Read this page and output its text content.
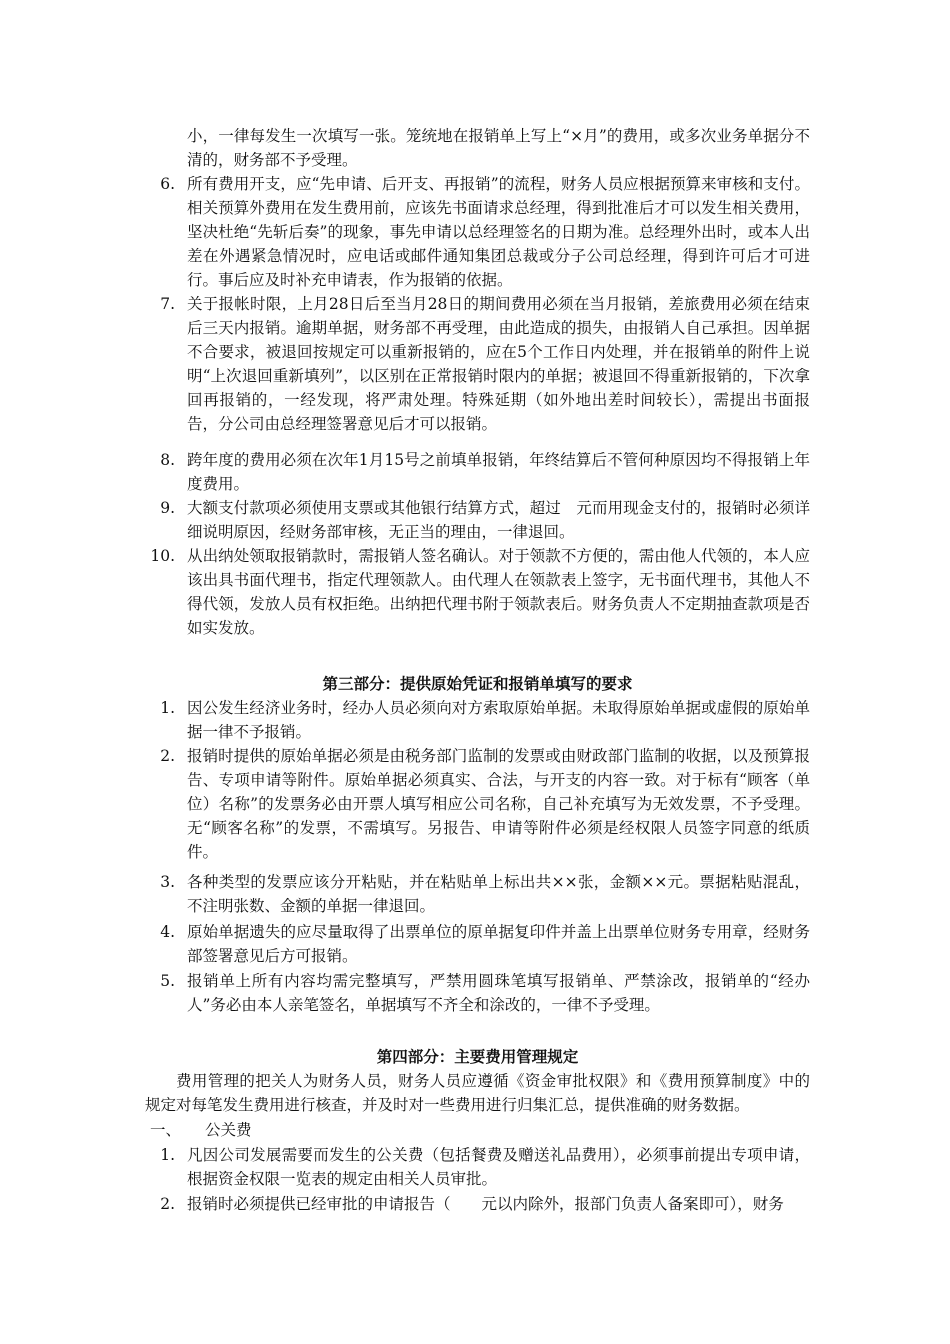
小，一律每发生一次填写一张。笼统地在报销单上写上“×月”的费用，或多次业务单据分不清的，财务部不予受理。
6. 所有费用开支，应“先申请、后开支、再报销”的流程，财务人员应根据预算来审核和支付。相关预算外费用在发生费用前，应该先书面请求总经理，得到批准后才可以发生相关费用，坚决杜绝“先斩后奏”的现象，事先申请以总经理签名的日期为准。总经理外出时，或本人出差在外遇紧急情况时，应电话或邮件通知集团总裁或分子公司总经理，得到许可后才可进行。事后应及时补充申请表，作为报销的依据。
7. 关于报帐时限，上月28日后至当月28日的期间费用必须在当月报销，差旅费用必须在结束后三天内报销。逾期单据，财务部不再受理，由此造成的损失，由报销人自己承担。因单据不合要求，被退回按规定可以重新报销的，应在5个工作日内处理，并在报销单的附件上说明“上次退回重新填列”，以区别在正常报销时限内的单据；被退回不得重新报销的，下次拿回再报销的，一经发现，将严肃处理。特殊延期（如外地出差时间较长），需提出书面报告，分公司由总经理签署意见后才可以报销。
8. 跨年度的费用必须在次年1月15号之前填单报销，年终结算后不管何种原因均不得报销上年度费用。
9. 大额支付款项必须使用支票或其他银行结算方式，超过　元而用现金支付的，报销时必须详细说明原因，经财务部审核，无正当的理由，一律退回。
10. 从出纳处领取报销款时，需报销人签名确认。对于领款不方便的，需由他人代领的，本人应该出具书面代理书，指定代理领款人。由代理人在领款表上签字，无书面代理书，其他人不得代领，发放人员有权拒绝。出纳把代理书附于领款表后。财务负责人不定期抽查款项是否如实发放。
第三部分：提供原始凭证和报销单填写的要求
1. 因公发生经济业务时，经办人员必须向对方索取原始单据。未取得原始单据或虚假的原始单据一律不予报销。
2. 报销时提供的原始单据必须是由税务部门监制的发票或由财政部门监制的收据，以及预算报告、专项申请等附件。原始单据必须真实、合法，与开支的内容一致。对于标有“顾客（单位）名称”的发票务必由开票人填写相应公司名称，自己补充填写为无效发票，不予受理。无“顾客名称”的发票，不需填写。另报告、申请等附件必须是经权限人员签字同意的纸质件。
3. 各种类型的发票应该分开粘贴，并在粘贴单上标出共××张，金额××元。票据粘贴混乱，不注明张数、金额的单据一律退回。
4. 原始单据遗失的应尽量取得了出票单位的原单据复印件并盖上出票单位财务专用章，经财务部签署意见后方可报销。
5. 报销单上所有内容均需完整填写，严禁用圆珠笔填写报销单、严禁涂改，报销单的“经办人”务必由本人亲笔签名，单据填写不齐全和涂改的，一律不予受理。
第四部分：主要费用管理规定
费用管理的把关人为财务人员，财务人员应遵循《资金审批权限》和《费用预算制度》中的规定对每笔发生费用进行核查，并及时对一些费用进行归集汇总，提供准确的财务数据。
一、 公关费
1. 凡因公司发展需要而发生的公关费（包括餐费及赠送礼品费用），必须事前提出专项申请，根据资金权限一览表的规定由相关人员审批。
2. 报销时必须提供已经审批的申请报告（　　元以内除外，报部门负责人备案即可），财务
